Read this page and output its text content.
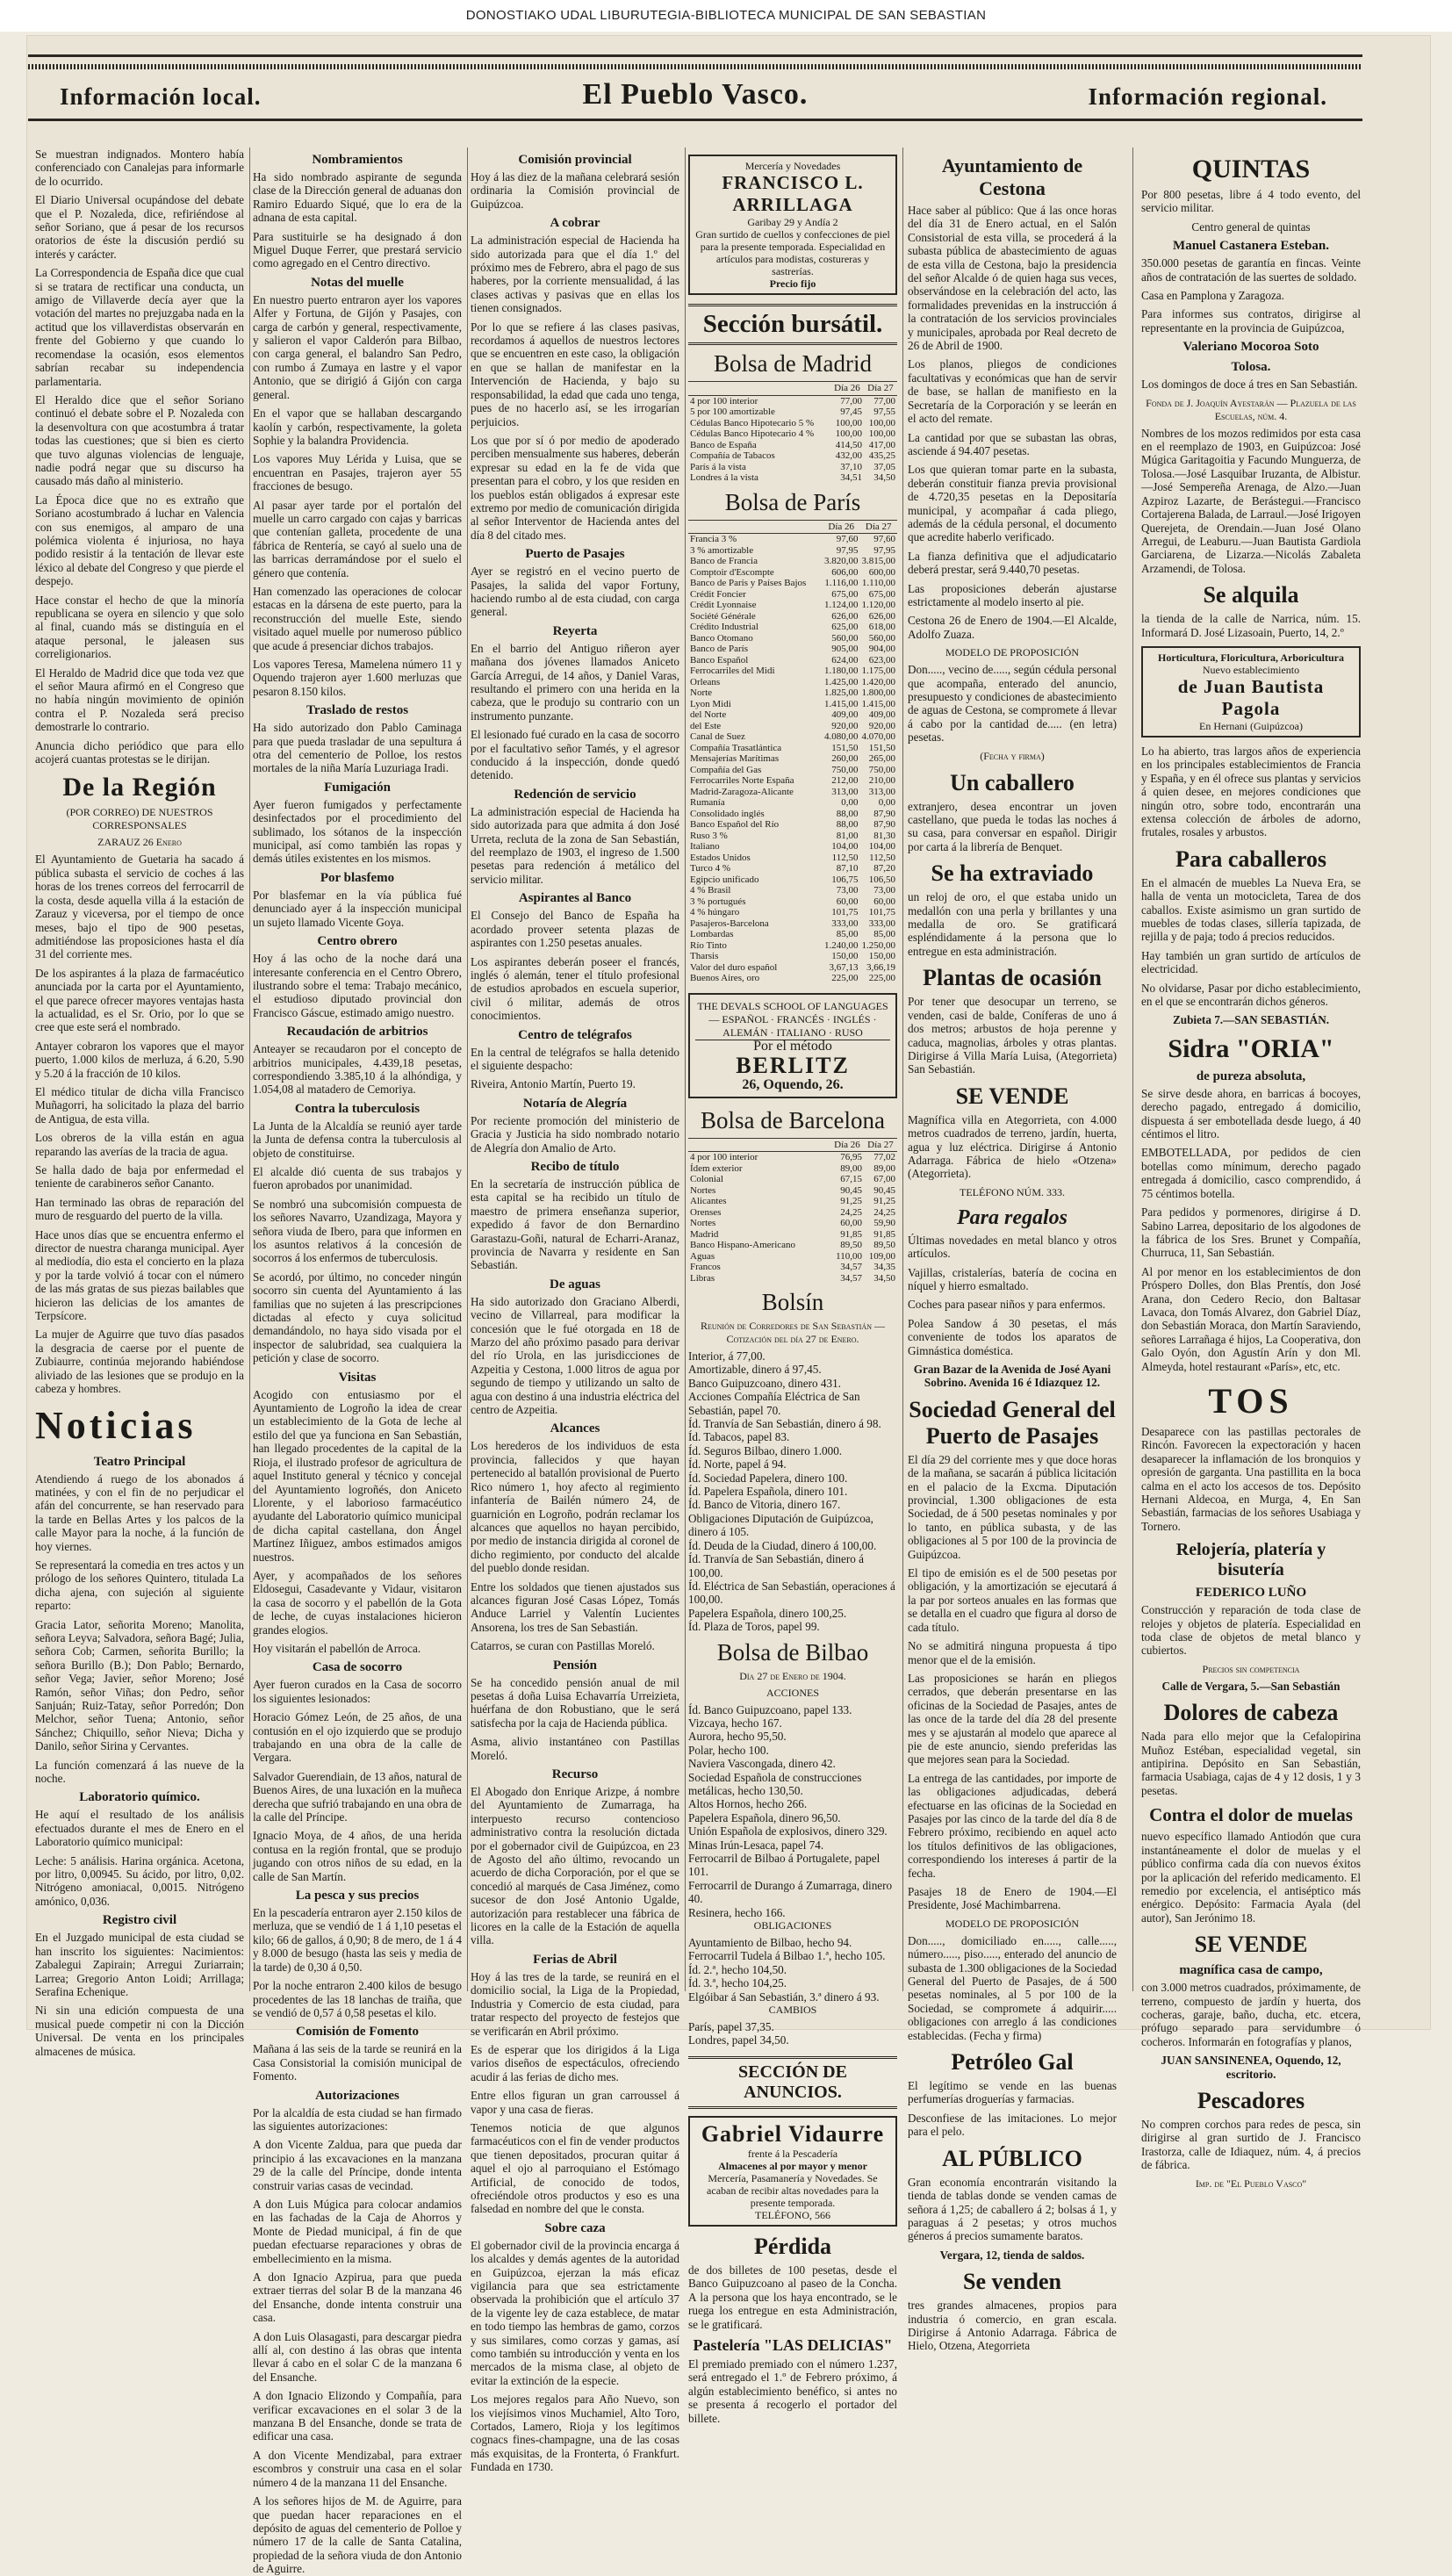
DONOSTIAKO UDAL LIBURUTEGIA-BIBLIOTECA MUNICIPAL DE SAN SEBASTIAN
Información local.	El Pueblo Vasco.	Información regional.

Se muestran indignados. Montero había conferenciado con Canalejas para informarle de lo ocurrido.

El Diario Universal ocupándose del debate que el P. Nozaleda, dice, refiriéndose al señor Soriano, que á pesar de los recursos oratorios de éste la discusión perdió su interés y carácter.

La Correspondencia de España dice que cual si se tratara de rectificar una conducta, un amigo de Villaverde decía ayer que la votación del martes no prejuzgaba nada en la actitud que los villaverdistas observarán en frente del Gobierno y que cuando lo recomendase la ocasión, esos elementos sabrían recabar su independencia parlamentaria.

El Heraldo dice que el señor Soriano continuó el debate sobre el P. Nozaleda con la desenvoltura con que acostumbra á tratar todas las cuestiones; que si bien es cierto que tuvo algunas violencias de lenguaje, nadie podrá negar que su discurso ha causado más daño al ministerio.

La Época dice que no es extraño que Soriano acostumbrado á luchar en Valencia con sus enemigos, al amparo de una polémica violenta é injuriosa, no haya podido resistir á la tentación de llevar este léxico al debate del Congreso y que pierde el despejo.

Hace constar el hecho de que la minoría republicana se oyera en silencio y que solo al final, cuando más se distinguía en el ataque personal, le jaleasen sus correligionarios.

El Heraldo de Madrid dice que toda vez que el señor Maura afirmó en el Congreso que no había ningún movimiento de opinión contra el P. Nozaleda será preciso demostrarle lo contrario.

Anuncia dicho periódico que para ello acojerá cuantas protestas se le dirijan.

De la Región
(POR CORREO) DE NUESTROS CORRESPONSALES
ZARAUZ 26 Enero

El Ayuntamiento de Guetaria ha sacado á pública subasta el servicio de coches á las horas de los trenes correos del ferrocarril de la costa, desde aquella villa á la estación de Zarauz y viceversa, por el tiempo de once meses, bajo el tipo de 900 pesetas, admitiéndose las proposiciones hasta el día 31 del corriente mes.

De los aspirantes á la plaza de farmacéutico anunciada por la carta por el Ayuntamiento, el que parece ofrecer mayores ventajas hasta la actualidad, es el Sr. Orio, por lo que se cree que este será el nombrado.

Antayer cobraron los vapores que el mayor puerto, 1.000 kilos de merluza, á 6.20, 5.90 y 5.20 á la fracción de 10 kilos.

El médico titular de dicha villa Francisco Muñagorri, ha solicitado la plaza del barrio de Antigua, de esta villa.

Los obreros de la villa están en agua reparando las averías de la tracia de agua.

Se halla dado de baja por enfermedad el teniente de carabineros señor Cananto.

Han terminado las obras de reparación del muro de resguardo del puerto de la villa.

Hace unos días que se encuentra enfermo el director de nuestra charanga municipal. Ayer al mediodía, dio esta el concierto en la plaza y por la tarde volvió á tocar con el número de las más gratas de sus piezas bailables que hicieron las delicias de los amantes de Terpsícore.

La mujer de Aguirre que tuvo días pasados la desgracia de caerse por el puente de Zubiaurre, continúa mejorando habiéndose aliviado de las lesiones que se produjo en la cabeza y hombres.

Noticias
Teatro Principal

Atendiendo á ruego de los abonados á matinées, y con el fin de no perjudicar el afán del concurrente, se han reservado para la tarde en Bellas Artes y los palcos de la calle Mayor para la noche, á la función de hoy viernes.

Se representará la comedia en tres actos y un prólogo de los señores Quintero, titulada La dicha ajena, con sujeción al siguiente reparto:

Gracia Lator, señorita Moreno; Manolita, señora Leyva; Salvadora, señora Bagé; Julia, señora Cob; Carmen, señorita Burillo; la señora Burillo (B.); Don Pablo; Bernardo, señor Vega; Javier, señor Moreno; José Ramón, señor Viñas; don Pedro, señor Sanjuán; Ruiz-Tatay, señor Porredón; Don Melchor, señor Tuena; Antonio, señor Sánchez; Chiquillo, señor Nieva; Dicha y Danilo, señor Sirina y Cervantes.

La función comenzará á las nueve de la noche.

Laboratorio químico.

He aquí el resultado de los análisis efectuados durante el mes de Enero en el Laboratorio químico municipal:

Leche: 5 análisis. Harina orgánica. Acetona, por litro, 0,00945. Su ácido, por litro, 0,02. Nitrógeno amoniacal, 0,0015. Nitrógeno amónico, 0,036.

Registro civil

En el Juzgado municipal de esta ciudad se han inscrito los siguientes: Nacimientos: Zabalegui Zapirain; Arregui Zuriarrain; Larrea; Gregorio Anton Loidi; Arrillaga; Serafina Echenique.

Ni sin una edición compuesta de una musical puede competir ni con la Dicción Universal. De venta en los principales almacenes de música.

Nombramientos

Ha sido nombrado aspirante de segunda clase de la Dirección general de aduanas don Ramiro Eduardo Siqué, que lo era de la adnana de esta capital.

Para sustituirle se ha designado á don Miguel Duque Ferrer, que prestará servicio como agregado en el Centro directivo.

Notas del muelle

En nuestro puerto entraron ayer los vapores Alfer y Fortuna, de Gijón y Pasajes, con carga de carbón y general, respectivamente, y salieron el vapor Calderón para Bilbao, con carga general, el balandro San Pedro, con rumbo á Zumaya en lastre y el vapor Antonio, que se dirigió á Gijón con carga general.

En el vapor que se hallaban descargando kaolín y carbón, respectivamente, la goleta Sophie y la balandra Providencia.

Los vapores Muy Lérida y Luisa, que se encuentran en Pasajes, trajeron ayer 55 fracciones de besugo.

Al pasar ayer tarde por el portalón del muelle un carro cargado con cajas y barricas que contenían galleta, procedente de una fábrica de Rentería, se cayó al suelo una de las barricas derramándose por el suelo el género que contenía.

Han comenzado las operaciones de colocar estacas en la dársena de este puerto, para la reconstrucción del muelle Este, siendo visitado aquel muelle por numeroso público que acude á presenciar dichos trabajos.

Los vapores Teresa, Mamelena número 11 y Oquendo trajeron ayer 1.600 merluzas que pesaron 8.150 kilos.

Traslado de restos

Ha sido autorizado don Pablo Caminaga para que pueda trasladar de una sepultura á otra del cementerio de Polloe, los restos mortales de la niña María Luzuriaga Iradi.

Fumigación

Ayer fueron fumigados y perfectamente desinfectados por el procedimiento del sublimado, los sótanos de la inspección municipal, así como también las ropas y demás útiles existentes en los mismos.

Por blasfemo

Por blasfemar en la vía pública fué denunciado ayer á la inspección municipal un sujeto llamado Vicente Goya.

Centro obrero

Hoy á las ocho de la noche dará una interesante conferencia en el Centro Obrero, ilustrando sobre el tema: Trabajo mecánico, el estudioso diputado provincial don Francisco Gáscue, estimado amigo nuestro.

Recaudación de arbitrios

Anteayer se recaudaron por el concepto de arbitrios municipales, 4.439,18 pesetas, correspondiendo 3.385,10 á la alhóndiga, y 1.054,08 al matadero de Cemoriya.

Contra la tuberculosis

La Junta de la Alcaldía se reunió ayer tarde la Junta de defensa contra la tuberculosis al objeto de constituirse.

El alcalde dió cuenta de sus trabajos y fueron aprobados por unanimidad.

Se nombró una subcomisión compuesta de los señores Navarro, Uzandizaga, Mayora y señora viuda de Ibero, para que informen en los asuntos relativos á la concesión de socorros á los enfermos de tuberculosis.

Se acordó, por último, no conceder ningún socorro sin cuenta del Ayuntamiento á las familias que no sujeten á las prescripciones dictadas al efecto y cuya solicitud demandándolo, no haya sido visada por el inspector de salubridad, sea cualquiera la petición y clase de socorro.

Visitas

Acogido con entusiasmo por el Ayuntamiento de Logroño la idea de crear un establecimiento de la Gota de leche al estilo del que ya funciona en San Sebastián, han llegado procedentes de la capital de la Rioja, el ilustrado profesor de agricultura de aquel Instituto general y técnico y concejal del Ayuntamiento logroñés, don Aniceto Llorente, y el laborioso farmacéutico ayudante del Laboratorio químico municipal de dicha capital castellana, don Ángel Martínez Iñiguez, ambos estimados amigos nuestros.

Ayer, y acompañados de los señores Eldosegui, Casadevante y Vidaur, visitaron la casa de socorro y el pabellón de la Gota de leche, de cuyas instalaciones hicieron grandes elogios.

Hoy visitarán el pabellón de Arroca.

Casa de socorro

Ayer fueron curados en la Casa de socorro los siguientes lesionados:

Horacio Gómez León, de 25 años, de una contusión en el ojo izquierdo que se produjo trabajando en una obra de la calle de Vergara.

Salvador Guerendiain, de 13 años, natural de Buenos Aires, de una luxación en la muñeca derecha que sufrió trabajando en una obra de la calle del Príncipe.

Ignacio Moya, de 4 años, de una herida contusa en la región frontal, que se produjo jugando con otros niños de su edad, en la calle de San Martín.

La pesca y sus precios

En la pescadería entraron ayer 2.150 kilos de merluza, que se vendió de 1 á 1,10 pesetas el kilo; 66 de gallos, á 0,90; 8 de mero, de 1 á 4 y 8.000 de besugo (hasta las seis y media de la tarde) de 0,30 á 0,50.

Por la noche entraron 2.400 kilos de besugo procedentes de las 18 lanchas de traiña, que se vendió de 0,57 á 0,58 pesetas el kilo.

Comisión de Fomento

Mañana á las seis de la tarde se reunirá en la Casa Consistorial la comisión municipal de Fomento.

Autorizaciones

Por la alcaldía de esta ciudad se han firmado las siguientes autorizaciones:

A don Vicente Zaldua, para que pueda dar principio á las excavaciones en la manzana 29 de la calle del Príncipe, donde intenta construir varias casas de vecindad.

A don Luis Múgica para colocar andamios en las fachadas de la Caja de Ahorros y Monte de Piedad municipal, á fin de que puedan efectuarse reparaciones y obras de embellecimiento en la misma.

A don Ignacio Azpirua, para que pueda extraer tierras del solar B de la manzana 46 del Ensanche, donde intenta construir una casa.

A don Luis Olasagasti, para descargar piedra allí al, con destino á las obras que intenta llevar á cabo en el solar C de la manzana 6 del Ensanche.

A don Ignacio Elizondo y Compañía, para verificar excavaciones en el solar 3 de la manzana B del Ensanche, donde se trata de edificar una casa.

A don Vicente Mendizabal, para extraer escombros y construir una casa en el solar número 4 de la manzana 11 del Ensanche.

A los señores hijos de M. de Aguirre, para que puedan hacer reparaciones en el depósito de aguas del cementerio de Polloe y número 17 de la calle de Santa Catalina, propiedad de la señora viuda de don Antonio de Aguirre.

Comisión provincial

Hoy á las diez de la mañana celebrará sesión ordinaria la Comisión provincial de Guipúzcoa.

A cobrar

La administración especial de Hacienda ha sido autorizada para que el día 1.º del próximo mes de Febrero, abra el pago de sus haberes, por la corriente mensualidad, á las clases activas y pasivas que en ellas los tienen consignados.

Por lo que se refiere á las clases pasivas, recordamos á aquellos de nuestros lectores que se encuentren en este caso, la obligación en que se hallan de manifestar en la Intervención de Hacienda, y bajo su responsabilidad, la edad que cada uno tenga, pues de no hacerlo así, se les irrogarían perjuicios.

Los que por sí ó por medio de apoderado perciben mensualmente sus haberes, deberán expresar su edad en la fe de vida que presentan para el cobro, y los que residen en los pueblos están obligados á expresar este extremo por medio de comunicación dirigida al señor Interventor de Hacienda antes del día 8 del citado mes.

Puerto de Pasajes

Ayer se registró en el vecino puerto de Pasajes, la salida del vapor Fortuny, haciendo rumbo al de esta ciudad, con carga general.

Reyerta

En el barrio del Antiguo riñeron ayer mañana dos jóvenes llamados Aniceto García Arregui, de 14 años, y Daniel Varas, resultando el primero con una herida en la cabeza, que le produjo su contrario con un instrumento punzante.

El lesionado fué curado en la casa de socorro por el facultativo señor Tamés, y el agresor conducido á la inspección, donde quedó detenido.

Redención de servicio

La administración especial de Hacienda ha sido autorizada para que admita á don José Urreta, recluta de la zona de San Sebastián, del reemplazo de 1903, el ingreso de 1.500 pesetas para redención á metálico del servicio militar.

Aspirantes al Banco

El Consejo del Banco de España ha acordado proveer setenta plazas de aspirantes con 1.250 pesetas anuales.

Los aspirantes deberán poseer el francés, inglés ó alemán, tener el título profesional de estudios aprobados en escuela superior, civil ó militar, además de otros conocimientos.

Centro de telégrafos

En la central de telégrafos se halla detenido el siguiente despacho:

Riveira, Antonio Martín, Puerto 19.

Notaría de Alegría

Por reciente promoción del ministerio de Gracia y Justicia ha sido nombrado notario de Alegría don Amalio de Arto.

Recibo de título

En la secretaría de instrucción pública de esta capital se ha recibido un título de maestro de primera enseñanza superior, expedido á favor de don Bernardino Garastazu-Goñi, natural de Echarri-Aranaz, provincia de Navarra y residente en San Sebastián.

De aguas

Ha sido autorizado don Graciano Alberdi, vecino de Villarreal, para modificar la concesión que le fué otorgada en 18 de Marzo del año próximo pasado para derivar del río Urola, en las jurisdicciones de Azpeitia y Cestona, 1.000 litros de agua por segundo de tiempo y utilizando un salto de agua con destino á una industria eléctrica del centro de Azpeitia.

Alcances

Los herederos de los individuos de esta provincia, fallecidos y que hayan pertenecido al batallón provisional de Puerto Rico número 1, hoy afecto al regimiento infantería de Bailén número 24, de guarnición en Logroño, podrán reclamar los alcances que aquellos no hayan percibido, por medio de instancia dirigida al coronel de dicho regimiento, por conducto del alcalde del pueblo donde residan.

Entre los soldados que tienen ajustados sus alcances figuran José Casas López, Tomás Anduce Larriel y Valentín Lucientes Ansorena, los tres de San Sebastián.

Catarros, se curan con Pastillas Moreló.

Pensión

Se ha concedido pensión anual de mil pesetas á doña Luisa Echavarría Urreizieta, huérfana de don Robustiano, que le será satisfecha por la caja de Hacienda pública.

Asma, alivio instantáneo con Pastillas Moreló.

Recurso

El Abogado don Enrique Arizpe, á nombre del Ayuntamiento de Zumarraga, ha interpuesto recurso contencioso administrativo contra la resolución dictada por el gobernador civil de Guipúzcoa, en 23 de Agosto del año último, revocando un acuerdo de dicha Corporación, por el que se concedió al marqués de Casa Jiménez, como sucesor de don José Antonio Ugalde, autorización para restablecer una fábrica de licores en la calle de la Estación de aquella villa.

Ferias de Abril

Hoy á las tres de la tarde, se reunirá en el domicilio social, la Liga de la Propiedad, Industria y Comercio de esta ciudad, para tratar respecto del proyecto de festejos que se verificarán en Abril próximo.

Es de esperar que los dirigidos á la Liga varios diseños de espectáculos, ofreciendo acudir á las ferias de dicho mes.

Entre ellos figuran un gran carroussel á vapor y una casa de fieras.

Tenemos noticia de que algunos farmacéuticos con el fin de vender productos que tienen depositados, procuran quitar á aquel el ojo al parroquiano el Estómago Artificial, de conocido de todos, ofreciéndole otros productos y eso es una falsedad en nombre del que le consta.

Sobre caza

El gobernador civil de la provincia encarga á los alcaldes y demás agentes de la autoridad en Guipúzcoa, ejerzan la más eficaz vigilancia para que sea estrictamente observada la prohibición que el artículo 37 de la vigente ley de caza establece, de matar en todo tiempo las hembras de gamo, corzos y sus similares, como corzas y gamas, así como también su introducción y venta en los mercados de la misma clase, al objeto de evitar la extinción de la especie.

Los mejores regalos para Año Nuevo, son los viejísimos vinos Muchamiel, Alto Toro, Cortados, Lamero, Rioja y los legítimos cognacs fines-champagne, una de las cosas más exquisitas, de la Fronterta, ó Frankfurt. Fundada en 1730.

Mercería y Novedades
FRANCISCO L. ARRILLAGA
Garibay 29 y Andía 2
Gran surtido de cuellos y confecciones de piel para la presente temporada. Especialidad en artículos para modistas, costureras y sastrerías.
Precio fijo
Sección bursátil.
Bolsa de Madrid
	Día 26	Día 27
4 por 100 interior	77,00	77,00
5 por 100 amortizable	97,45	97,55
Cédulas Banco Hipotecario 5 %	100,00	100,00
Cédulas Banco Hipotecario 4 %	100,00	100,00
Banco de España	414,50	417,00
Compañía de Tabacos	432,00	435,25
París á la vista	37,10	37,05
Londres á la vista	34,51	34,50
Bolsa de París
	Día 26	Día 27
Francia 3 %	97,60	97,60
3 % amortizable	97,95	97,95
Banco de Francia	3.820,00	3.815,00
Comptoir d'Escompte	606,00	600,00
Banco de París y Países Bajos	1.116,00	1.110,00
Crédit Foncier	675,00	675,00
Crédit Lyonnaise	1.124,00	1.120,00
Société Générale	626,00	626,00
Crédito Industrial	625,00	618,00
Banco Otomano	560,00	560,00
Banco de París	905,00	904,00
Banco Español	624,00	623,00
Ferrocarriles del Midi	1.180,00	1.175,00
Orleans	1.425,00	1.420,00
Norte	1.825,00	1.800,00
Lyon Midi	1.415,00	1.415,00
del Norte	409,00	409,00
del Este	920,00	920,00
Canal de Suez	4.080,00	4.070,00
Compañía Trasatlántica	151,50	151,50
Mensajerías Marítimas	260,00	265,00
Compañía del Gas	750,00	750,00
Ferrocarriles Norte España	212,00	210,00
Madrid-Zaragoza-Alicante	313,00	313,00
Rumanía	0,00	0,00
Consolidado inglés	88,00	87,90
Banco Español del Río	88,00	87,90
Ruso 3 %	81,00	81,30
Italiano	104,00	104,00
Estados Unidos	112,50	112,50
Turco 4 %	87,10	87,20
Egipcio unificado	106,75	106,50
4 % Brasil	73,00	73,00
3 % portugués	60,00	60,00
4 % húngaro	101,75	101,75
Pasajeros-Barcelona	333,00	333,00
Lombardas	85,00	85,00
Río Tinto	1.240,00	1.250,00
Tharsis	150,00	150,00
Valor del duro español	3,67,13	3,66,19
Buenos Aires, oro	225,00	225,00
THE DEVALS SCHOOL OF LANGUAGES — ESPAÑOL · FRANCÉS · INGLÉS · ALEMÁN · ITALIANO · RUSO
Por el método
BERLITZ
26, Oquendo, 26.
Bolsa de Barcelona
	Día 26	Día 27
4 por 100 interior	76,95	77,02
Ídem exterior	89,00	89,00
Colonial	67,15	67,00
Nortes	90,45	90,45
Alicantes	91,25	91,25
Orenses	24,25	24,25
Nortes	60,00	59,90
Madrid	91,85	91,85
Banco Hispano-Americano	89,50	89,50
Aguas	110,00	109,00
Francos	34,57	34,35
Libras	34,57	34,50
Bolsín
Reunión de Corredores de San Sebastián — Cotización del día 27 de Enero.
Interior, á 77,00.
Amortizable, dinero á 97,45.
Banco Guipuzcoano, dinero 431.
Acciones Compañía Eléctrica de San Sebastián, papel 70.
Íd. Tranvía de San Sebastián, dinero á 98.
Íd. Tabacos, papel 83.
Íd. Seguros Bilbao, dinero 1.000.
Íd. Norte, papel á 94.
Íd. Sociedad Papelera, dinero 100.
Íd. Papelera Española, dinero 101.
Íd. Banco de Vitoria, dinero 167.
Obligaciones Diputación de Guipúzcoa, dinero á 105.
Íd. Deuda de la Ciudad, dinero á 100,00.
Íd. Tranvía de San Sebastián, dinero á 100,00.
Íd. Eléctrica de San Sebastián, operaciones á 100,00.
Papelera Española, dinero 100,25.
Íd. Plaza de Toros, papel 99.
Bolsa de Bilbao
Día 27 de Enero de 1904.
ACCIONES
Íd. Banco Guipuzcoano, papel 133.
Vizcaya, hecho 167.
Aurora, hecho 95,50.
Polar, hecho 100.
Naviera Vascongada, dinero 42.
Sociedad Española de construcciones metálicas, hecho 130,50.
Altos Hornos, hecho 266.
Papelera Española, dinero 96,50.
Unión Española de explosivos, dinero 329.
Minas Irún-Lesaca, papel 74.
Ferrocarril de Bilbao á Portugalete, papel 101.
Ferrocarril de Durango á Zumarraga, dinero 40.
Resinera, hecho 166.
OBLIGACIONES
Ayuntamiento de Bilbao, hecho 94.
Ferrocarril Tudela á Bilbao 1.ª, hecho 105.
Íd. 2.ª, hecho 104,50.
Íd. 3.ª, hecho 104,25.
Elgóibar á San Sebastián, 3.ª dinero á 93.
CAMBIOS
París, papel 37,35.
Londres, papel 34,50.
SECCIÓN DE ANUNCIOS.
Gabriel Vidaurre
frente á la Pescadería
Almacenes al por mayor y menor
Mercería, Pasamanería y Novedades. Se acaban de recibir altas novedades para la presente temporada.
TELÉFONO, 566
Pérdida

de dos billetes de 100 pesetas, desde el Banco Guipuzcoano al paseo de la Concha. A la persona que los haya encontrado, se le ruega los entregue en esta Administración, se le gratificará.

Pastelería "LAS DELICIAS"

El premiado premiado con el número 1.237, será entregado el 1.º de Febrero próximo, á algún establecimiento benéfico, si antes no se presenta á recogerlo el portador del billete.

Ayuntamiento de Cestona

Hace saber al público: Que á las once horas del día 31 de Enero actual, en el Salón Consistorial de esta villa, se procederá á la subasta pública de abastecimiento de aguas de esta villa de Cestona, bajo la presidencia del señor Alcalde ó de quien haga sus veces, observándose en la celebración del acto, las formalidades prevenidas en la instrucción á la contratación de los servicios provinciales y municipales, aprobada por Real decreto de 26 de Abril de 1900.

Los planos, pliegos de condiciones facultativas y económicas que han de servir de base, se hallan de manifiesto en la Secretaría de la Corporación y se leerán en el acto del remate.

La cantidad por que se subastan las obras, asciende á 94.407 pesetas.

Los que quieran tomar parte en la subasta, deberán constituir fianza previa provisional de 4.720,35 pesetas en la Depositaría municipal, y acompañar á cada pliego, además de la cédula personal, el documento que acredite haberlo verificado.

La fianza definitiva que el adjudicatario deberá prestar, será 9.440,70 pesetas.

Las proposiciones deberán ajustarse estrictamente al modelo inserto al pie.

Cestona 26 de Enero de 1904.—El Alcalde, Adolfo Zuaza.

MODELO DE PROPOSICIÓN

Don....., vecino de....., según cédula personal que acompaña, enterado del anuncio, presupuesto y condiciones de abastecimiento de aguas de Cestona, se compromete á llevar á cabo por la cantidad de..... (en letra) pesetas.

(Fecha y firma)
Un caballero

extranjero, desea encontrar un joven castellano, que pueda le todas las noches á su casa, para conversar en español. Dirigir por carta á la librería de Benquet.

Se ha extraviado

un reloj de oro, el que estaba unido un medallón con una perla y brillantes y una medalla de oro. Se gratificará espléndidamente á la persona que lo entregue en esta administración.

Plantas de ocasión

Por tener que desocupar un terreno, se venden, casi de balde, Coníferas de uno á dos metros; arbustos de hoja perenne y caduca, magnolias, árboles y otras plantas. Dirigirse á Villa María Luisa, (Ategorrieta) San Sebastián.

SE VENDE

Magnífica villa en Ategorrieta, con 4.000 metros cuadrados de terreno, jardín, huerta, agua y luz eléctrica. Dirigirse á Antonio Adarraga. Fábrica de hielo «Otzena» (Ategorrieta).

TELÉFONO NÚM. 333.
Para regalos

Últimas novedades en metal blanco y otros artículos.

Vajillas, cristalerías, batería de cocina en níquel y hierro esmaltado.

Coches para pasear niños y para enfermos.

Polea Sandow á 30 pesetas, el más conveniente de todos los aparatos de Gimnástica doméstica.

Gran Bazar de la Avenida de José Ayani Sobrino. Avenida 16 é Idiazquez 12.

Sociedad General del Puerto de Pasajes

El día 29 del corriente mes y que doce horas de la mañana, se sacarán á pública licitación en el palacio de la Excma. Diputación provincial, 1.300 obligaciones de esta Sociedad, de á 500 pesetas nominales y por lo tanto, en pública subasta, y de las obligaciones al 5 por 100 de la provincia de Guipúzcoa.

El tipo de emisión es el de 500 pesetas por obligación, y la amortización se ejecutará á la par por sorteos anuales en las formas que se detalla en el cuadro que figura al dorso de cada título.

No se admitirá ninguna propuesta á tipo menor que el de la emisión.

Las proposiciones se harán en pliegos cerrados, que deberán presentarse en las oficinas de la Sociedad de Pasajes, antes de las once de la tarde del día 28 del presente mes y se ajustarán al modelo que aparece al pie de este anuncio, siendo preferidas las que mejores sean para la Sociedad.

La entrega de las cantidades, por importe de las obligaciones adjudicadas, deberá efectuarse en las oficinas de la Sociedad en Pasajes por las cinco de la tarde del día 8 de Febrero próximo, recibiendo en aquel acto los títulos definitivos de las obligaciones, correspondiendo los intereses á partir de la fecha.

Pasajes 18 de Enero de 1904.—El Presidente, José Machimbarrena.

MODELO DE PROPOSICIÓN

Don....., domiciliado en....., calle....., número....., piso....., enterado del anuncio de subasta de 1.300 obligaciones de la Sociedad General del Puerto de Pasajes, de á 500 pesetas nominales, al 5 por 100 de la Sociedad, se compromete á adquirir..... obligaciones con arreglo á las condiciones establecidas. (Fecha y firma)

Petróleo Gal

El legítimo se vende en las buenas perfumerías droguerías y farmacias.

Desconfiese de las imitaciones. Lo mejor para el pelo.

AL PÚBLICO

Gran economía encontrarán visitando la tienda de tablas donde se venden camas de señora á 1,25; de caballero á 2; bolsas á 1, y paraguas á 2 pesetas; y otros muchos géneros á precios sumamente baratos.

Vergara, 12, tienda de saldos.

Se venden

tres grandes almacenes, propios para industria ó comercio, en gran escala. Dirigirse á Antonio Adarraga. Fábrica de Hielo, Otzena, Ategorrieta

QUINTAS

Por 800 pesetas, libre á 4 todo evento, del servicio militar.

Centro general de quintas

Manuel Castanera Esteban.

350.000 pesetas de garantía en fincas. Veinte años de contratación de las suertes de soldado.

Casa en Pamplona y Zaragoza.

Para informes sus contratos, dirigirse al representante en la provincia de Guipúzcoa,

Valeriano Mocoroa Soto
Tolosa.

Los domingos de doce á tres en San Sebastián.

Fonda de J. Joaquín Ayestarán — Plazuela de las Escuelas, núm. 4.

Nombres de los mozos redimidos por esta casa en el reemplazo de 1903, en Guipúzcoa: José Múgica Garitagoitia y Facundo Munguerza, de Tolosa.—José Lasquibar Iruzanta, de Albistur.—José Sempereña Arenaga, de Alzo.—Juan Azpiroz Lazarte, de Berástegui.—Francisco Cortajerena Balada, de Larraul.—José Irigoyen Querejeta, de Orendain.—Juan José Olano Arregui, de Leaburu.—Juan Bautista Gardiola Garciarena, de Lizarza.—Nicolás Zabaleta Arzamendi, de Tolosa.

Se alquila

la tienda de la calle de Narrica, núm. 15. Informará D. José Lizasoain, Puerto, 14, 2.º

Horticultura, Floricultura, Arboricultura
Nuevo establecimiento
de Juan Bautista Pagola
En Hernani (Guipúzcoa)

Lo ha abierto, tras largos años de experiencia en los principales establecimientos de Francia y España, y en él ofrece sus plantas y servicios á quien desee, en mejores condiciones que ningún otro, sobre todo, encontrarán una extensa colección de árboles de adorno, frutales, rosales y arbustos.

Para caballeros

En el almacén de muebles La Nueva Era, se halla de venta un motocicleta, Tarea de dos caballos. Existe asimismo un gran surtido de muebles de todas clases, sillería tapizada, de rejilla y de paja; todo á precios reducidos.

Hay también un gran surtido de artículos de electricidad.

No olvidarse, Pasar por dicho establecimiento, en el que se encontrarán dichos géneros.

Zubieta 7.—SAN SEBASTIÁN.

Sidra "ORIA"
de pureza absoluta,

Se sirve desde ahora, en barricas á bocoyes, derecho pagado, entregado á domicilio, dispuesta á ser embotellada desde luego, á 40 céntimos el litro.

EMBOTELLADA, por pedidos de cien botellas como mínimum, derecho pagado entregada á domicilio, casco comprendido, á 75 céntimos botella.

Para pedidos y pormenores, dirigirse á D. Sabino Larrea, depositario de los algodones de la fábrica de los Sres. Brunet y Compañía, Churruca, 11, San Sebastián.

Al por menor en los establecimientos de don Próspero Dolles, don Blas Prentís, don José Arana, don Cedero Recio, don Baltasar Lavaca, don Tomás Alvarez, don Gabriel Díaz, don Sebastián Moraca, don Martín Saraviendo, señores Larrañaga é hijos, La Cooperativa, don Galo Oyón, don Agustín Arín y don Ml. Almeyda, hotel restaurant «París», etc, etc.

TOS

Desaparece con las pastillas pectorales de Rincón. Favorecen la expectoración y hacen desaparecer la inflamación de los bronquios y opresión de garganta. Una pastillita en la boca calma en el acto los accesos de tos. Depósito Hernani Aldecoa, en Murga, 4, En San Sebastián, farmacias de los señores Usabiaga y Tornero.

Relojería, platería y bisutería
FEDERICO LUÑO

Construcción y reparación de toda clase de relojes y objetos de platería. Especialidad en toda clase de objetos de metal blanco y cubiertos.

Precios sin competencia

Calle de Vergara, 5.—San Sebastián

Dolores de cabeza

Nada para ello mejor que la Cefalopirina Muñoz Estéban, especialidad vegetal, sin antipirina. Depósito en San Sebastián, farmacia Usabiaga, cajas de 4 y 12 dosis, 1 y 3 pesetas.

Contra el dolor de muelas

nuevo específico llamado Antiodón que cura instantáneamente el dolor de muelas y el público confirma cada día con nuevos éxitos por la aplicación del referido medicamento. El remedio por excelencia, el antiséptico más enérgico. Depósito: Farmacia Ayala (del autor), San Jerónimo 18.

SE VENDE
magnífica casa de campo,

con 3.000 metros cuadrados, próximamente, de terreno, compuesto de jardín y huerta, dos cocheras, garaje, baño, ducha, etc. etcera, prófugo separado para servidumbre ó cocheros. Informarán en fotografías y planos,

JUAN SANSINENEA, Oquendo, 12, escritorio.

Pescadores

No compren corchos para redes de pesca, sin dirigirse al gran surtido de J. Francisco Irastorza, calle de Idiaquez, núm. 4, á precios de fábrica.

Imp. de "El Pueblo Vasco"
